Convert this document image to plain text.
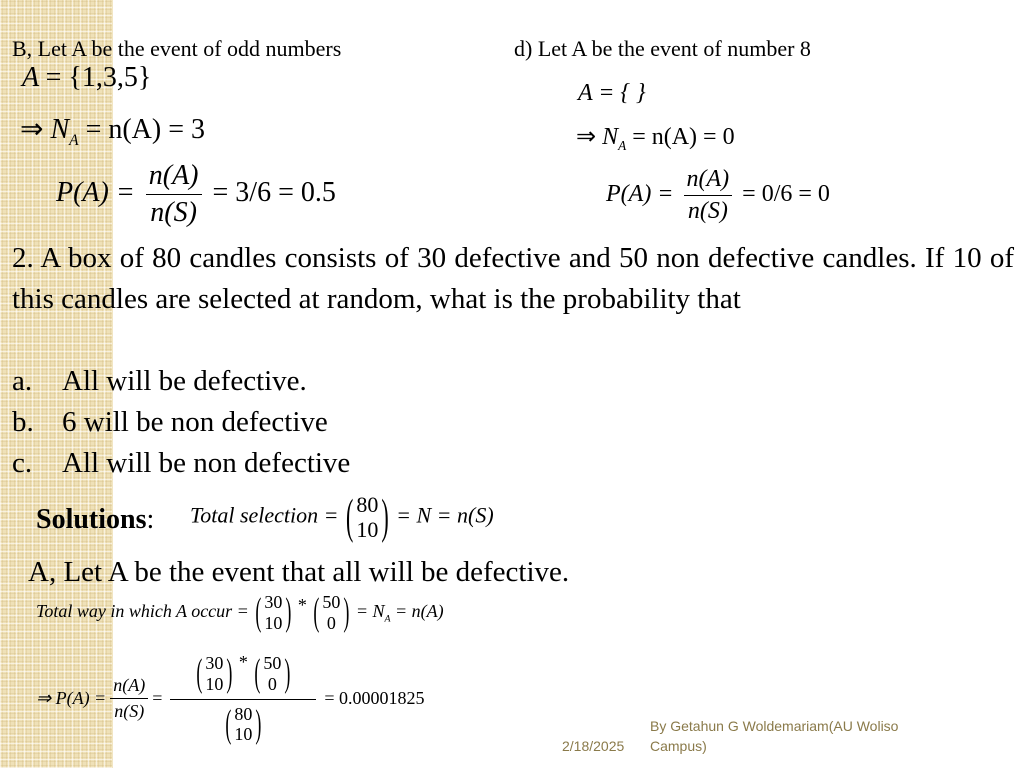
B, Let A be the event of odd numbers
A = {1,3,5}
⇒ $N_A = n(A) = 3$
$P(A) = \frac{n(A)}{n(S)} = 3/6 = 0.5$
d) Let A be the event of number 8
A = { }
⇒ $N_A = n(A) = 0$
$P(A) = \frac{n(A)}{n(S)} = 0/6 = 0$
2. A box of 80 candles consists of 30 defective and 50 non defective candles. If 10 of this candles are selected at random, what is the probability that
a.	All will be defective.
b. 6 will be non defective
c.	All will be non defective
Solutions: Total selection = ( 80
10 ) = N = n(S)
A, Let A be the event that all will be defective.
Total way in which A occur = ( 30
10 ) * ( 50
0 ) = $N_A = n(A)$
⇒ $P(A) = \frac{n(A)}{n(S)}$ =
( 30
10 ) * ( 50
0 )
( 80
10 )
= 0.00001825
2/18/2025
By Getahun G Woldemariam(AU Woliso Campus)
